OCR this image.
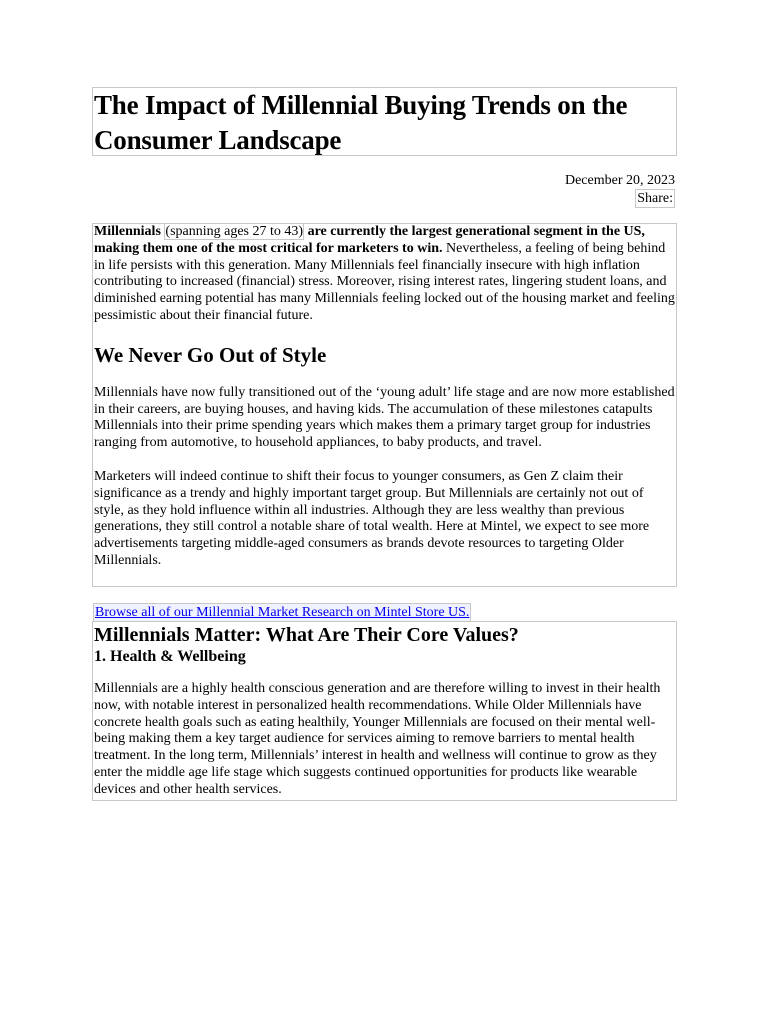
The Impact of Millennial Buying Trends on the Consumer Landscape
December 20, 2023
Share:

Millennials (spanning ages 27 to 43) are currently the largest generational segment in the US, making them one of the most critical for marketers to win. Nevertheless, a feeling of being behind in life persists with this generation. Many Millennials feel financially insecure with high inflation contributing to increased (financial) stress. Moreover, rising interest rates, lingering student loans, and diminished earning potential has many Millennials feeling locked out of the housing market and feeling pessimistic about their financial future.

We Never Go Out of Style

Millennials have now fully transitioned out of the ‘young adult’ life stage and are now more established in their careers, are buying houses, and having kids. The accumulation of these milestones catapults Millennials into their prime spending years which makes them a primary target group for industries ranging from automotive, to household appliances, to baby products, and travel.

Marketers will indeed continue to shift their focus to younger consumers, as Gen Z claim their significance as a trendy and highly important target group. But Millennials are certainly not out of style, as they hold influence within all industries. Although they are less wealthy than previous generations, they still control a notable share of total wealth. Here at Mintel, we expect to see more advertisements targeting middle-aged consumers as brands devote resources to targeting Older Millennials.

Browse all of our Millennial Market Research on Mintel Store US.
Millennials Matter: What Are Their Core Values?
1. Health & Wellbeing

Millennials are a highly health conscious generation and are therefore willing to invest in their health now, with notable interest in personalized health recommendations. While Older Millennials have concrete health goals such as eating healthily, Younger Millennials are focused on their mental well-being making them a key target audience for services aiming to remove barriers to mental health treatment. In the long term, Millennials’ interest in health and wellness will continue to grow as they enter the middle age life stage which suggests continued opportunities for products like wearable devices and other health services.
